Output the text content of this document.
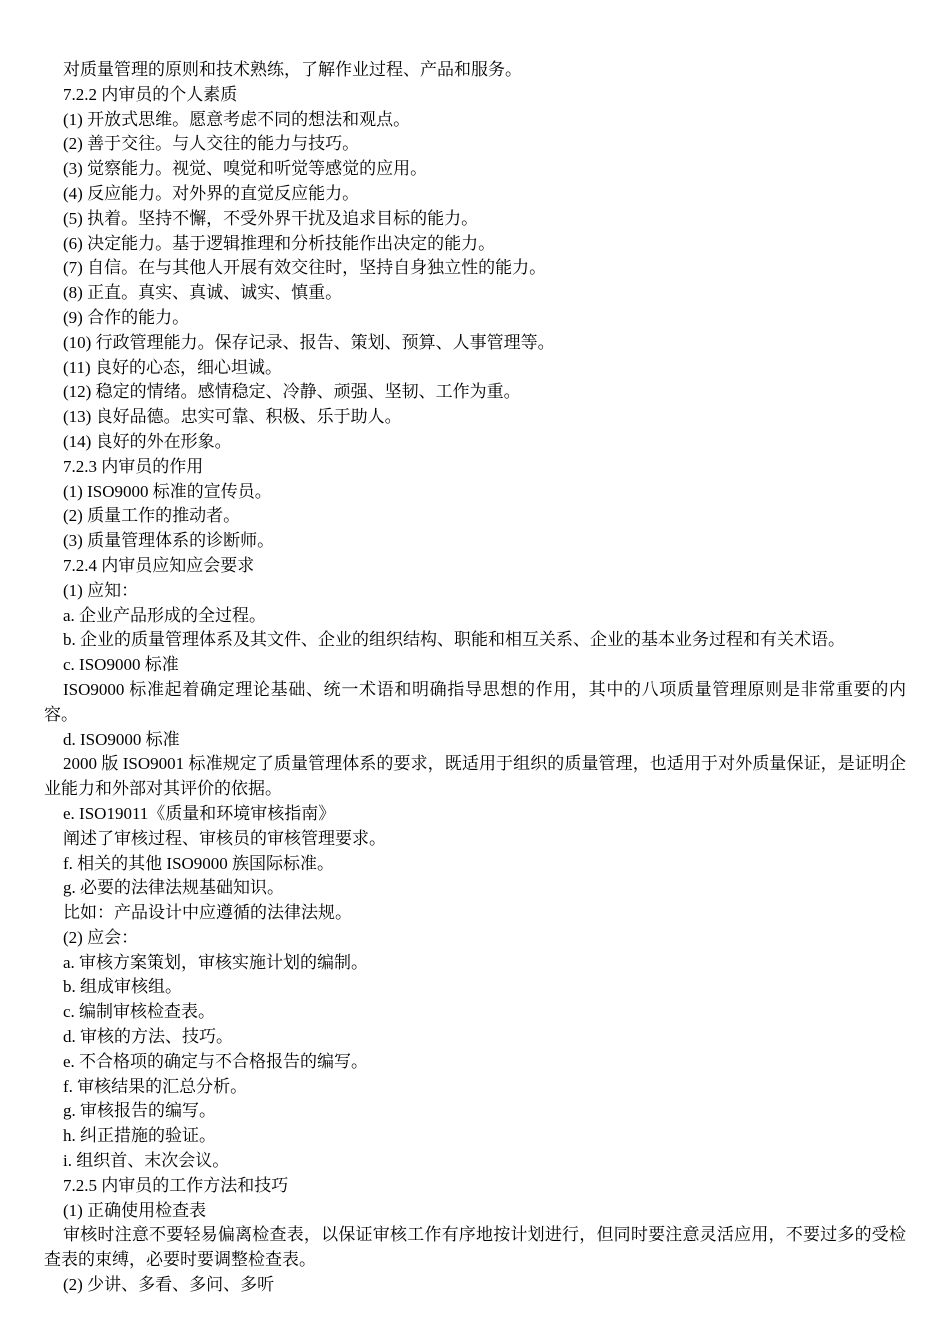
对质量管理的原则和技术熟练，了解作业过程、产品和服务。

7.2.2 内审员的个人素质

(1) 开放式思维。愿意考虑不同的想法和观点。

(2) 善于交往。与人交往的能力与技巧。

(3) 觉察能力。视觉、嗅觉和听觉等感觉的应用。

(4) 反应能力。对外界的直觉反应能力。

(5) 执着。坚持不懈，不受外界干扰及追求目标的能力。

(6) 决定能力。基于逻辑推理和分析技能作出决定的能力。

(7) 自信。在与其他人开展有效交往时，坚持自身独立性的能力。

(8) 正直。真实、真诚、诚实、慎重。

(9) 合作的能力。

(10) 行政管理能力。保存记录、报告、策划、预算、人事管理等。

(11) 良好的心态，细心坦诚。

(12) 稳定的情绪。感情稳定、冷静、顽强、坚韧、工作为重。

(13) 良好品德。忠实可靠、积极、乐于助人。

(14) 良好的外在形象。

7.2.3 内审员的作用

(1) ISO9000 标准的宣传员。

(2) 质量工作的推动者。

(3) 质量管理体系的诊断师。

7.2.4 内审员应知应会要求

(1) 应知：

a. 企业产品形成的全过程。

b. 企业的质量管理体系及其文件、企业的组织结构、职能和相互关系、企业的基本业务过程和有关术语。

c. ISO9000 标准

ISO9000 标准起着确定理论基础、统一术语和明确指导思想的作用，其中的八项质量管理原则是非常重要的内容。

d. ISO9000 标准

2000 版 ISO9001 标准规定了质量管理体系的要求，既适用于组织的质量管理，也适用于对外质量保证，是证明企业能力和外部对其评价的依据。

e. ISO19011《质量和环境审核指南》

阐述了审核过程、审核员的审核管理要求。

f. 相关的其他 ISO9000 族国际标准。

g. 必要的法律法规基础知识。

比如：产品设计中应遵循的法律法规。

(2) 应会：

a. 审核方案策划，审核实施计划的编制。

b. 组成审核组。

c. 编制审核检查表。

d. 审核的方法、技巧。

e. 不合格项的确定与不合格报告的编写。

f. 审核结果的汇总分析。

g. 审核报告的编写。

h. 纠正措施的验证。

i. 组织首、末次会议。

7.2.5 内审员的工作方法和技巧

(1) 正确使用检查表

审核时注意不要轻易偏离检查表，以保证审核工作有序地按计划进行，但同时要注意灵活应用，不要过多的受检查表的束缚，必要时要调整检查表。

(2) 少讲、多看、多问、多听
